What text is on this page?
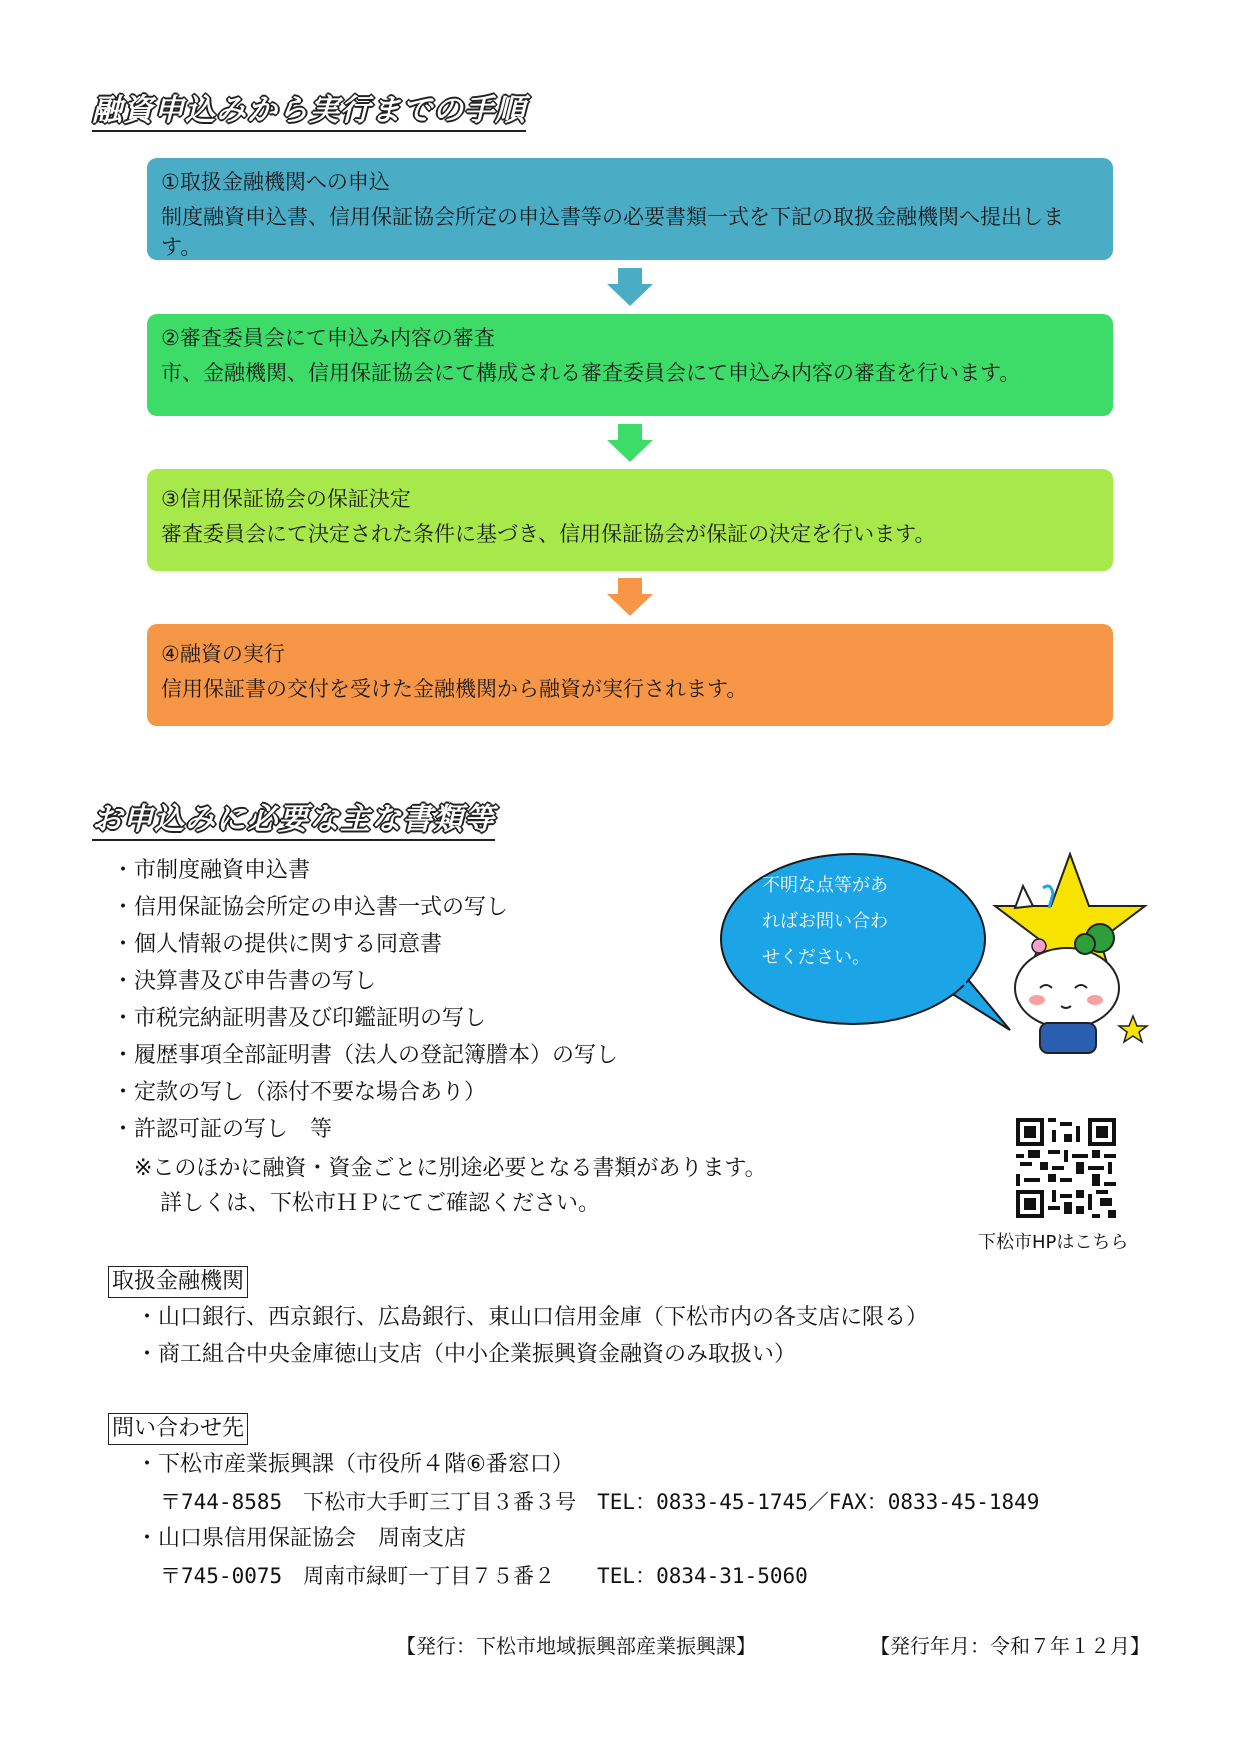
融資申込みから実行までの手順
①取扱金融機関への申込
制度融資申込書、信用保証協会所定の申込書等の必要書類一式を下記の取扱金融機関へ提出します。
②審査委員会にて申込み内容の審査
市、金融機関、信用保証協会にて構成される審査委員会にて申込み内容の審査を行います。
③信用保証協会の保証決定
審査委員会にて決定された条件に基づき、信用保証協会が保証の決定を行います。
④融資の実行
信用保証書の交付を受けた金融機関から融資が実行されます。
お申込みに必要な主な書類等
・市制度融資申込書
・信用保証協会所定の申込書一式の写し
・個人情報の提供に関する同意書
・決算書及び申告書の写し
・市税完納証明書及び印鑑証明の写し
・履歴事項全部証明書（法人の登記簿謄本）の写し
・定款の写し（添付不要な場合あり）
・許認可証の写し　等
※このほかに融資・資金ごとに別途必要となる書類があります。
詳しくは、下松市ＨＰにてご確認ください。
不明な点等があ
ればお問い合わ
せください。
下松市HPはこちら
取扱金融機関
・山口銀行、西京銀行、広島銀行、東山口信用金庫（下松市内の各支店に限る）
・商工組合中央金庫徳山支店（中小企業振興資金融資のみ取扱い）
問い合わせ先
・下松市産業振興課（市役所４階⑥番窓口）
〒744-8585　下松市大手町三丁目３番３号　TEL：0833-45-1745／FAX：0833-45-1849
・山口県信用保証協会　周南支店
〒745-0075　周南市緑町一丁目７５番２　　TEL：0834-31-5060
【発行：下松市地域振興部産業振興課】	【発行年月：令和７年１２月】
